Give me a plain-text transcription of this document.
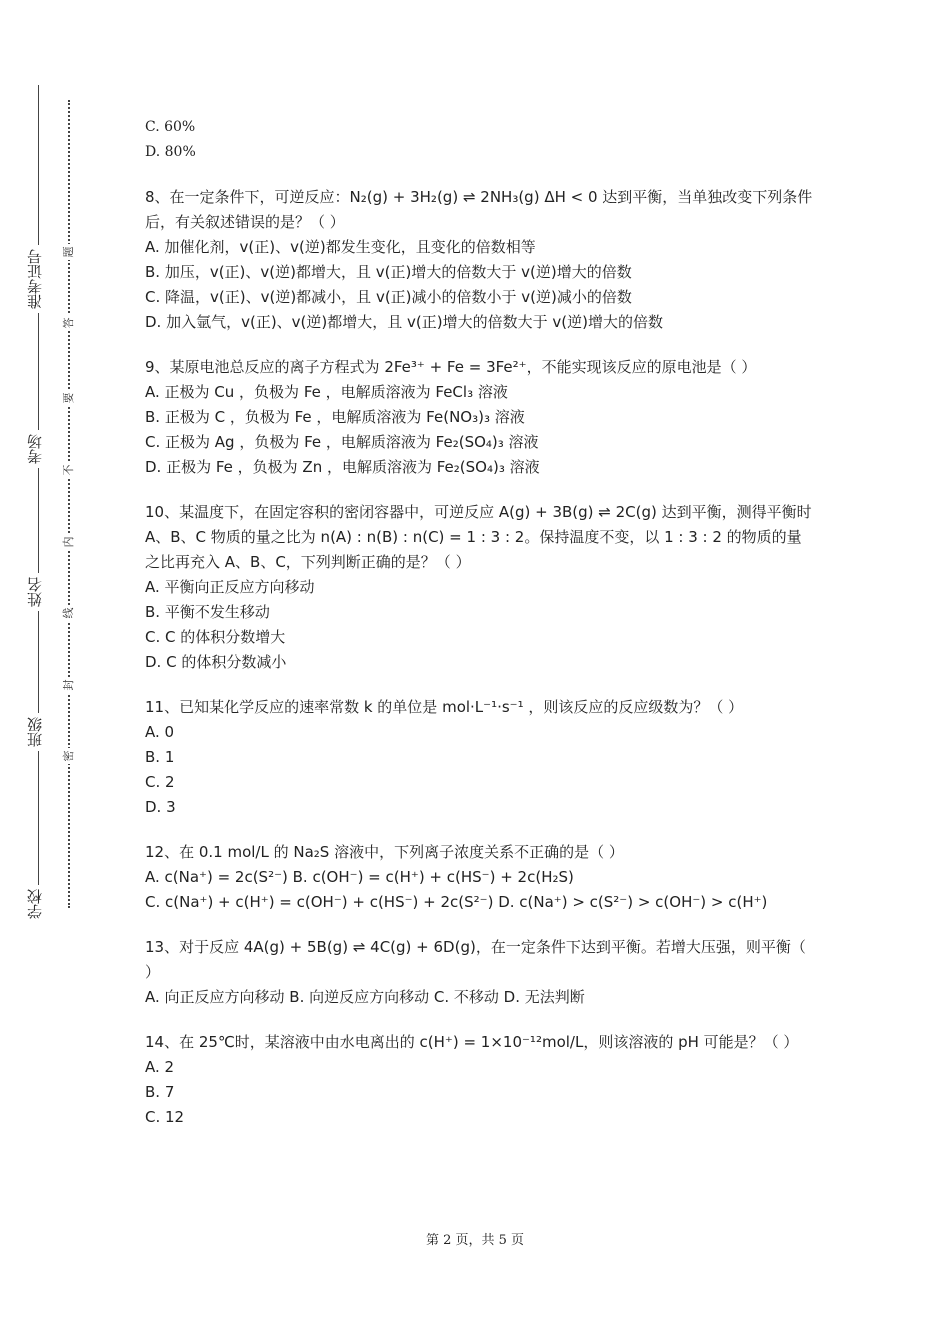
准考证号
考场
姓名
班级
学校
题
答
要
不
内
线
封
密
C. 60%
D. 80%
8、在一定条件下，可逆反应：N₂(g) + 3H₂(g) ⇌ 2NH₃(g) ΔH < 0 达到平衡，当单独改变下列条件后，有关叙述错误的是？（ ）
A. 加催化剂，v(正)、v(逆)都发生变化，且变化的倍数相等
B. 加压，v(正)、v(逆)都增大，且 v(正)增大的倍数大于 v(逆)增大的倍数
C. 降温，v(正)、v(逆)都减小，且 v(正)减小的倍数小于 v(逆)减小的倍数
D. 加入氩气，v(正)、v(逆)都增大，且 v(正)增大的倍数大于 v(逆)增大的倍数
9、某原电池总反应的离子方程式为 2Fe³⁺ + Fe = 3Fe²⁺，不能实现该反应的原电池是（ ）
A. 正极为 Cu ，负极为 Fe ，电解质溶液为 FeCl₃ 溶液
B. 正极为 C ，负极为 Fe ，电解质溶液为 Fe(NO₃)₃ 溶液
C. 正极为 Ag ，负极为 Fe ，电解质溶液为 Fe₂(SO₄)₃ 溶液
D. 正极为 Fe ，负极为 Zn ，电解质溶液为 Fe₂(SO₄)₃ 溶液
10、某温度下，在固定容积的密闭容器中，可逆反应 A(g) + 3B(g) ⇌ 2C(g) 达到平衡，测得平衡时 A、B、C 物质的量之比为 n(A) : n(B) : n(C) = 1 : 3 : 2。保持温度不变，以 1 : 3 : 2 的物质的量之比再充入 A、B、C，下列判断正确的是？（ ）
A. 平衡向正反应方向移动
B. 平衡不发生移动
C. C 的体积分数增大
D. C 的体积分数减小
11、已知某化学反应的速率常数 k 的单位是 mol·L⁻¹·s⁻¹ ，则该反应的反应级数为？（ ）
A. 0
B. 1
C. 2
D. 3
12、在 0.1 mol/L 的 Na₂S 溶液中，下列离子浓度关系不正确的是（ ）
A. c(Na⁺) = 2c(S²⁻) B. c(OH⁻) = c(H⁺) + c(HS⁻) + 2c(H₂S)
C. c(Na⁺) + c(H⁺) = c(OH⁻) + c(HS⁻) + 2c(S²⁻) D. c(Na⁺) > c(S²⁻) > c(OH⁻) > c(H⁺)
13、对于反应 4A(g) + 5B(g) ⇌ 4C(g) + 6D(g)，在一定条件下达到平衡。若增大压强，则平衡（ ）
A. 向正反应方向移动 B. 向逆反应方向移动 C. 不移动 D. 无法判断
14、在 25℃时，某溶液中由水电离出的 c(H⁺) = 1×10⁻¹²mol/L，则该溶液的 pH 可能是？（ ）
A. 2
B. 7
C. 12
第 2 页，共 5 页
